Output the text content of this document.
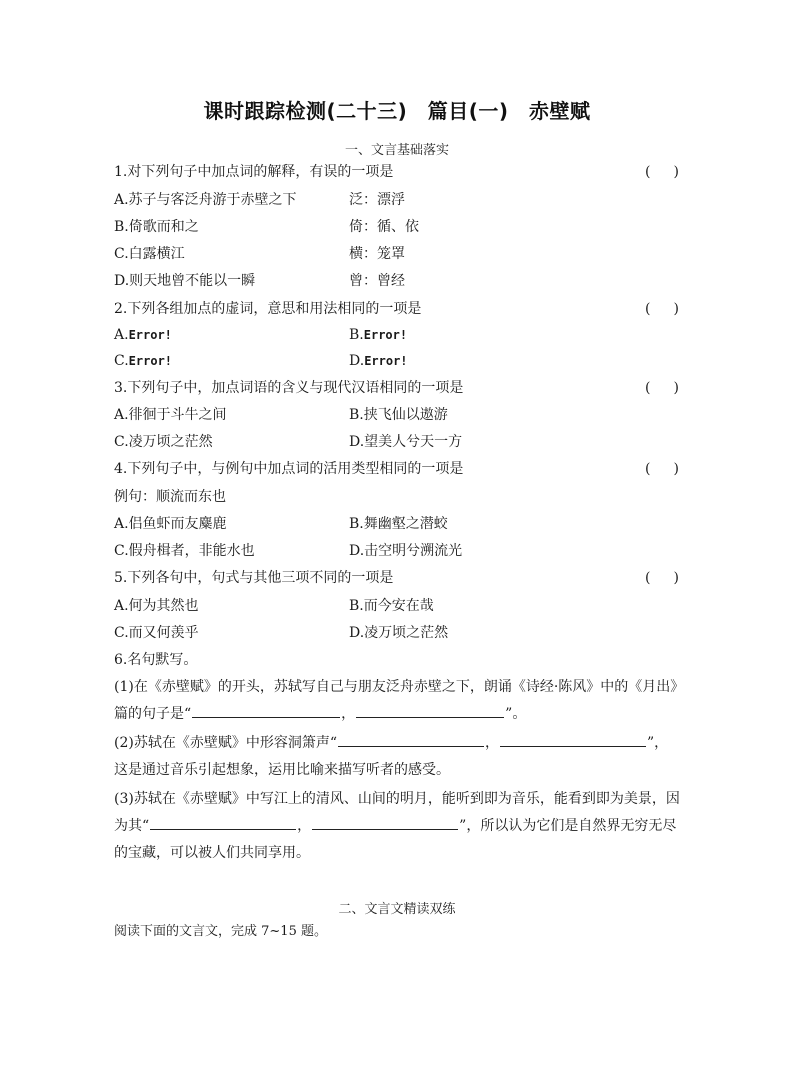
课时跟踪检测(二十三)　篇目(一)　赤壁赋
一、文言基础落实
1.对下列句子中加点词的解释，有误的一项是	( )
A.苏子与客泛舟游于赤壁之下	泛：漂浮
B.倚歌而和之	倚：循、依
C.白露横江	横：笼罩
D.则天地曾不能以一瞬	曾：曾经
2.下列各组加点的虚词，意思和用法相同的一项是	( )
A.Error!	B.Error!
C.Error!	D.Error!
3.下列句子中，加点词语的含义与现代汉语相同的一项是	( )
A.徘徊于斗牛之间	B.挟飞仙以遨游
C.凌万顷之茫然	D.望美人兮天一方
4.下列句子中，与例句中加点词的活用类型相同的一项是	( )
例句：顺流而东也
A.侣鱼虾而友麋鹿	B.舞幽壑之潜蛟
C.假舟楫者，非能水也	D.击空明兮溯流光
5.下列各句中，句式与其他三项不同的一项是	( )
A.何为其然也	B.而今安在哉
C.而又何羡乎	D.凌万顷之茫然
6.名句默写。
(1)在《赤壁赋》的开头，苏轼写自己与朋友泛舟赤壁之下，朗诵《诗经·陈风》中的《月出》篇的句子是“	，	”。
(2)苏轼在《赤壁赋》中形容洞箫声“	，	”，这是通过音乐引起想象，运用比喻来描写听者的感受。
(3)苏轼在《赤壁赋》中写江上的清风、山间的明月，能听到即为音乐，能看到即为美景，因为其“	，	”，所以认为它们是自然界无穷无尽的宝藏，可以被人们共同享用。
二、文言文精读双练
阅读下面的文言文，完成 7~15 题。
